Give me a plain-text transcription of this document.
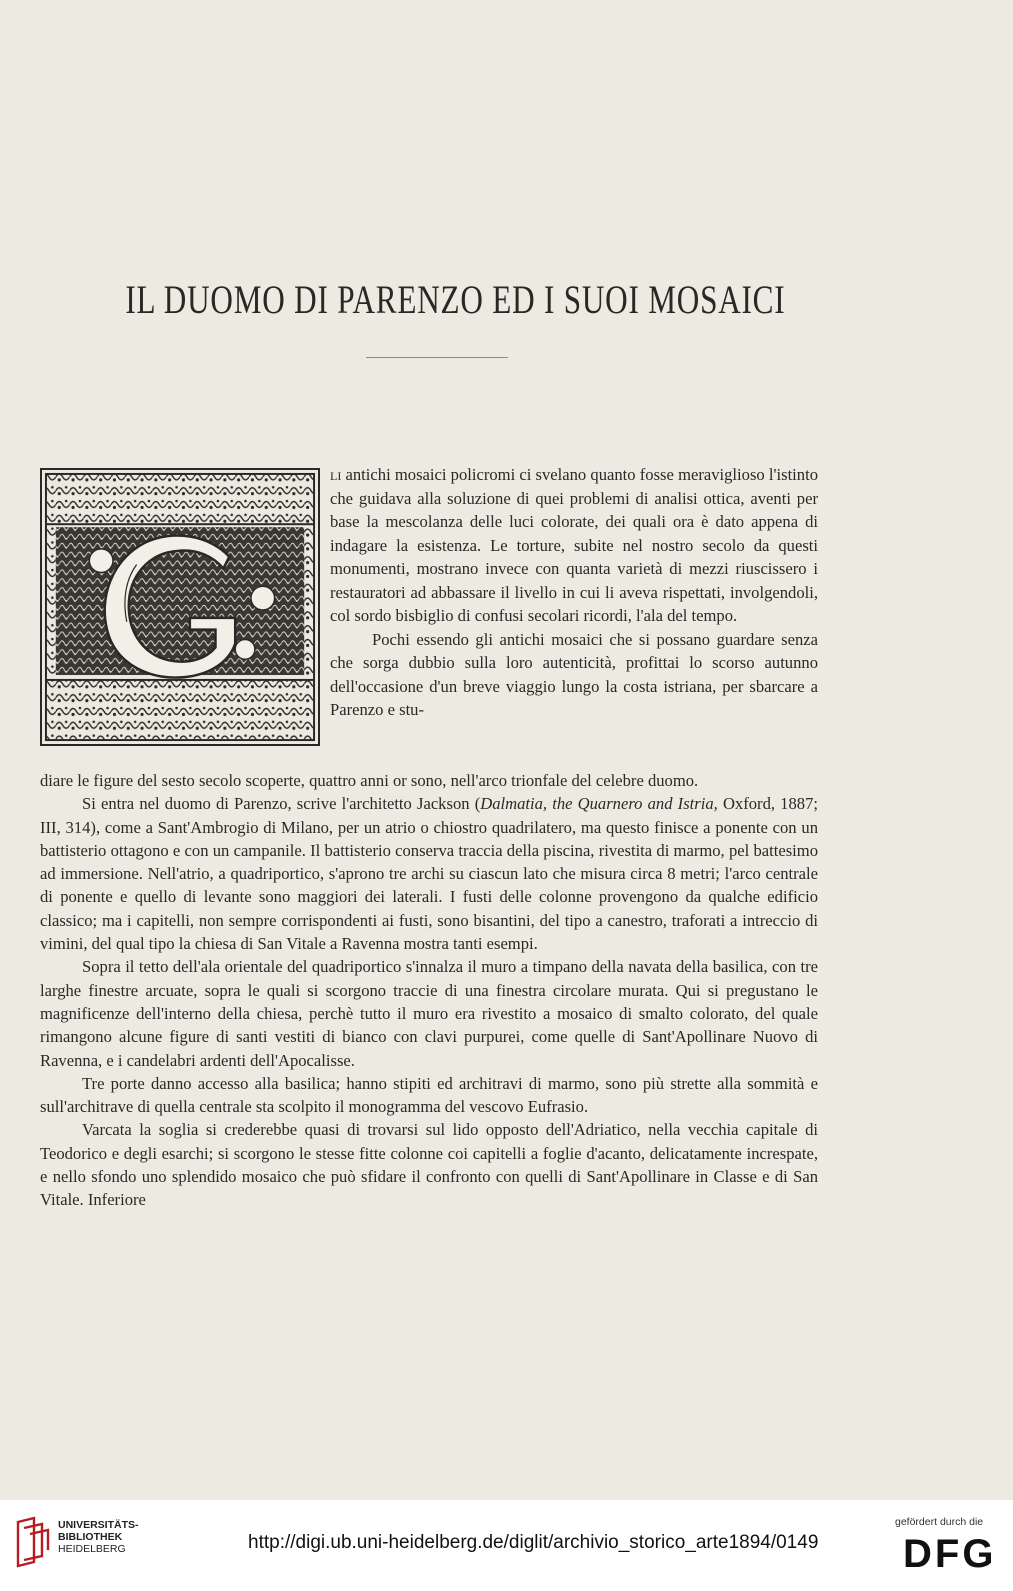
IL DUOMO DI PARENZO ED I SUOI MOSAICI

li antichi mosaici policromi ci svelano quanto fosse meraviglioso l'istinto che guidava alla soluzione di quei problemi di analisi ottica, aventi per base la mescolanza delle luci colorate, dei quali ora è dato appena di indagare la esistenza. Le torture, subite nel nostro secolo da questi monumenti, mostrano invece con quanta varietà di mezzi riuscissero i restauratori ad abbassare il livello in cui li aveva rispettati, involgendoli, col sordo bisbiglio di confusi secolari ricordi, l'ala del tempo.

Pochi essendo gli antichi mosaici che si possano guardare senza che sorga dubbio sulla loro autenticità, profittai lo scorso autunno dell'occasione d'un breve viaggio lungo la costa istriana, per sbarcare a Parenzo e stu-

diare le figure del sesto secolo scoperte, quattro anni or sono, nell'arco trionfale del celebre duomo.

Si entra nel duomo di Parenzo, scrive l'architetto Jackson (Dalmatia, the Quarnero and Istria, Oxford, 1887; III, 314), come a Sant'Ambrogio di Milano, per un atrio o chiostro quadrilatero, ma questo finisce a ponente con un battisterio ottagono e con un campanile. Il battisterio conserva traccia della piscina, rivestita di marmo, pel battesimo ad immersione. Nell'atrio, a quadriportico, s'aprono tre archi su ciascun lato che misura circa 8 metri; l'arco centrale di ponente e quello di levante sono maggiori dei laterali. I fusti delle colonne provengono da qualche edificio classico; ma i capitelli, non sempre corrispondenti ai fusti, sono bisantini, del tipo a canestro, traforati a intreccio di vimini, del qual tipo la chiesa di San Vitale a Ravenna mostra tanti esempi.

Sopra il tetto dell'ala orientale del quadriportico s'innalza il muro a timpano della navata della basilica, con tre larghe finestre arcuate, sopra le quali si scorgono traccie di una finestra circolare murata. Qui si pregustano le magnificenze dell'interno della chiesa, perchè tutto il muro era rivestito a mosaico di smalto colorato, del quale rimangono alcune figure di santi vestiti di bianco con clavi purpurei, come quelle di Sant'Apollinare Nuovo di Ravenna, e i candelabri ardenti dell'Apocalisse.

Tre porte danno accesso alla basilica; hanno stipiti ed architravi di marmo, sono più strette alla sommità e sull'architrave di quella centrale sta scolpito il monogramma del vescovo Eufrasio.

Varcata la soglia si crederebbe quasi di trovarsi sul lido opposto dell'Adriatico, nella vecchia capitale di Teodorico e degli esarchi; si scorgono le stesse fitte colonne coi capitelli a foglie d'acanto, delicatamente increspate, e nello sfondo uno splendido mosaico che può sfidare il confronto con quelli di Sant'Apollinare in Classe e di San Vitale. Inferiore

UNIVERSITÄTS-
BIBLIOTHEK
HEIDELBERG	http://digi.ub.uni-heidelberg.de/diglit/archivio_storico_arte1894/0149
gefördert durch die
DFG
